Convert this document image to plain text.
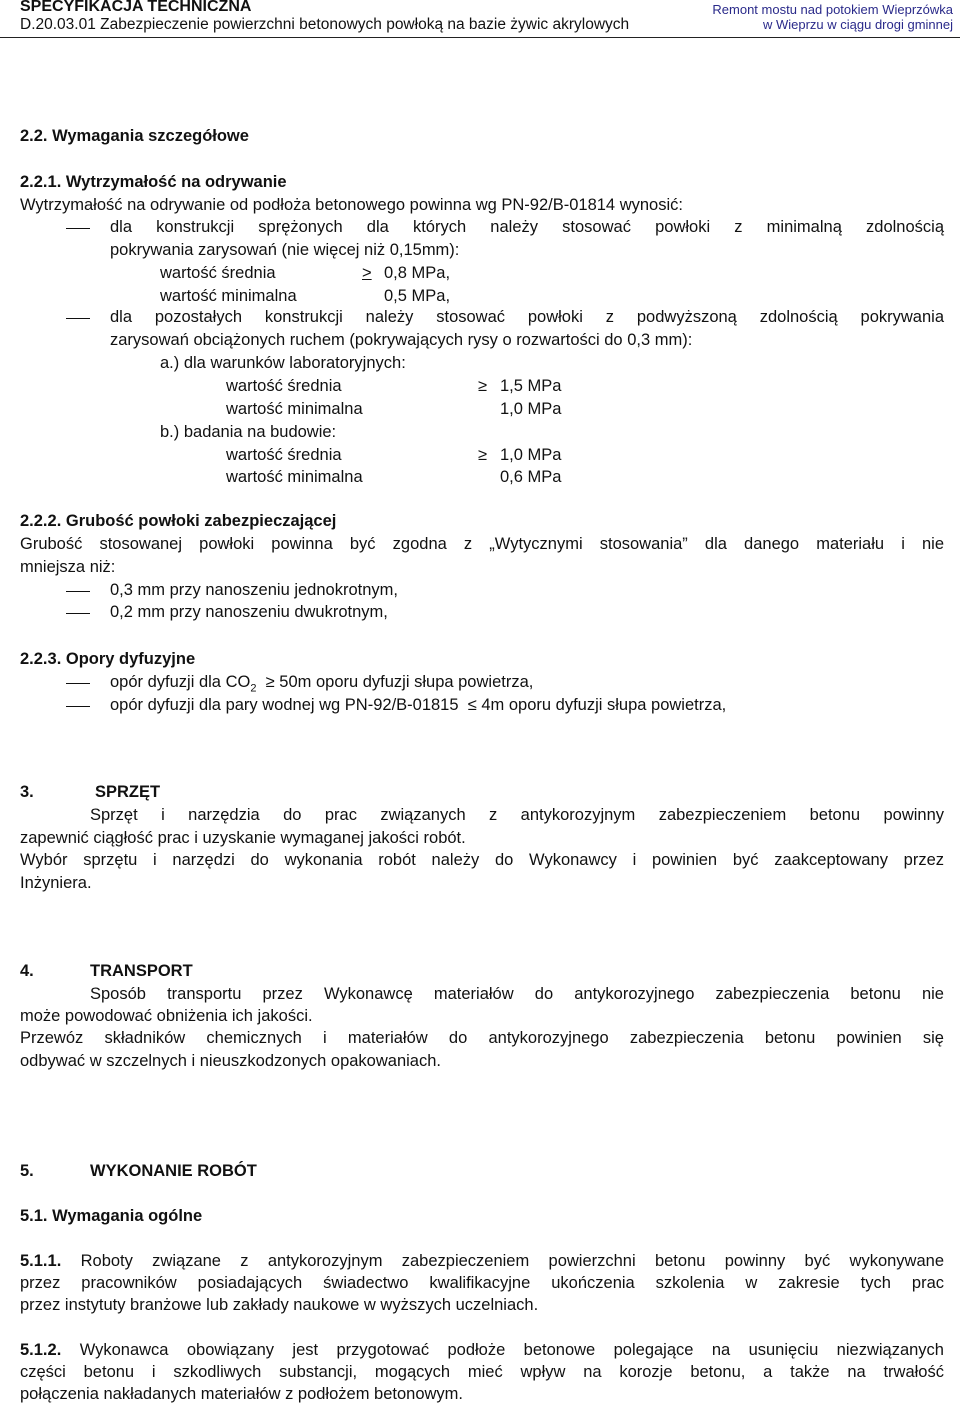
SPECYFIKACJA TECHNICZNA
D.20.03.01 Zabezpieczenie powierzchni betonowych powłoką na bazie żywic akrylowych
Remont mostu nad potokiem Wieprzówka
w Wieprzu w ciągu drogi gminnej
2.2. Wymagania szczegółowe
2.2.1. Wytrzymałość na odrywanie
Wytrzymałość na odrywanie od podłoża betonowego powinna wg PN-92/B-01814 wynosić:
dla konstrukcji sprężonych dla których należy stosować powłoki z minimalną zdolnością
pokrywania zarysowań (nie więcej niż 0,15mm):
wartość średnia	≥ 0,8 MPa,
wartość minimalna	0,5 MPa,
dla pozostałych konstrukcji należy stosować powłoki z podwyższoną zdolnością pokrywania
zarysowań obciążonych ruchem (pokrywających rysy o rozwartości do 0,3 mm):
a.) dla warunków laboratoryjnych:
wartość średnia	≥ 1,5 MPa
wartość minimalna	1,0 MPa
b.) badania na budowie:
wartość średnia	≥ 1,0 MPa
wartość minimalna	0,6 MPa
2.2.2. Grubość powłoki zabezpieczającej
Grubość stosowanej powłoki powinna być zgodna z „Wytycznymi stosowania” dla danego materiału i nie
mniejsza niż:
0,3 mm przy nanoszeniu jednokrotnym,
0,2 mm przy nanoszeniu dwukrotnym,
2.2.3. Opory dyfuzyjne
opór dyfuzji dla $CO_2 \ge 50m$ oporu dyfuzji słupa powietrza,
opór dyfuzji dla pary wodnej wg PN-92/B-01815 ≤ 4m oporu dyfuzji słupa powietrza,
3.	SPRZĘT
Sprzęt i narzędzia do prac związanych z antykorozyjnym zabezpieczeniem betonu powinny
zapewnić ciągłość prac i uzyskanie wymaganej jakości robót.
Wybór sprzętu i narzędzi do wykonania robót należy do Wykonawcy i powinien być zaakceptowany przez
Inżyniera.
4.	TRANSPORT
Sposób transportu przez Wykonawcę materiałów do antykorozyjnego zabezpieczenia betonu nie
może powodować obniżenia ich jakości.
Przewóz składników chemicznych i materiałów do antykorozyjnego zabezpieczenia betonu powinien się
odbywać w szczelnych i nieuszkodzonych opakowaniach.
5.	WYKONANIE ROBÓT
5.1. Wymagania ogólne
5.1.1. Roboty związane z antykorozyjnym zabezpieczeniem powierzchni betonu powinny być wykonywane
przez pracowników posiadających świadectwo kwalifikacyjne ukończenia szkolenia w zakresie tych prac
przez instytuty branżowe lub zakłady naukowe w wyższych uczelniach.
5.1.2. Wykonawca obowiązany jest przygotować podłoże betonowe polegające na usunięciu niezwiązanych
części betonu i szkodliwych substancji, mogących mieć wpływ na korozje betonu, a także na trwałość
połączenia nakładanych materiałów z podłożem betonowym.
